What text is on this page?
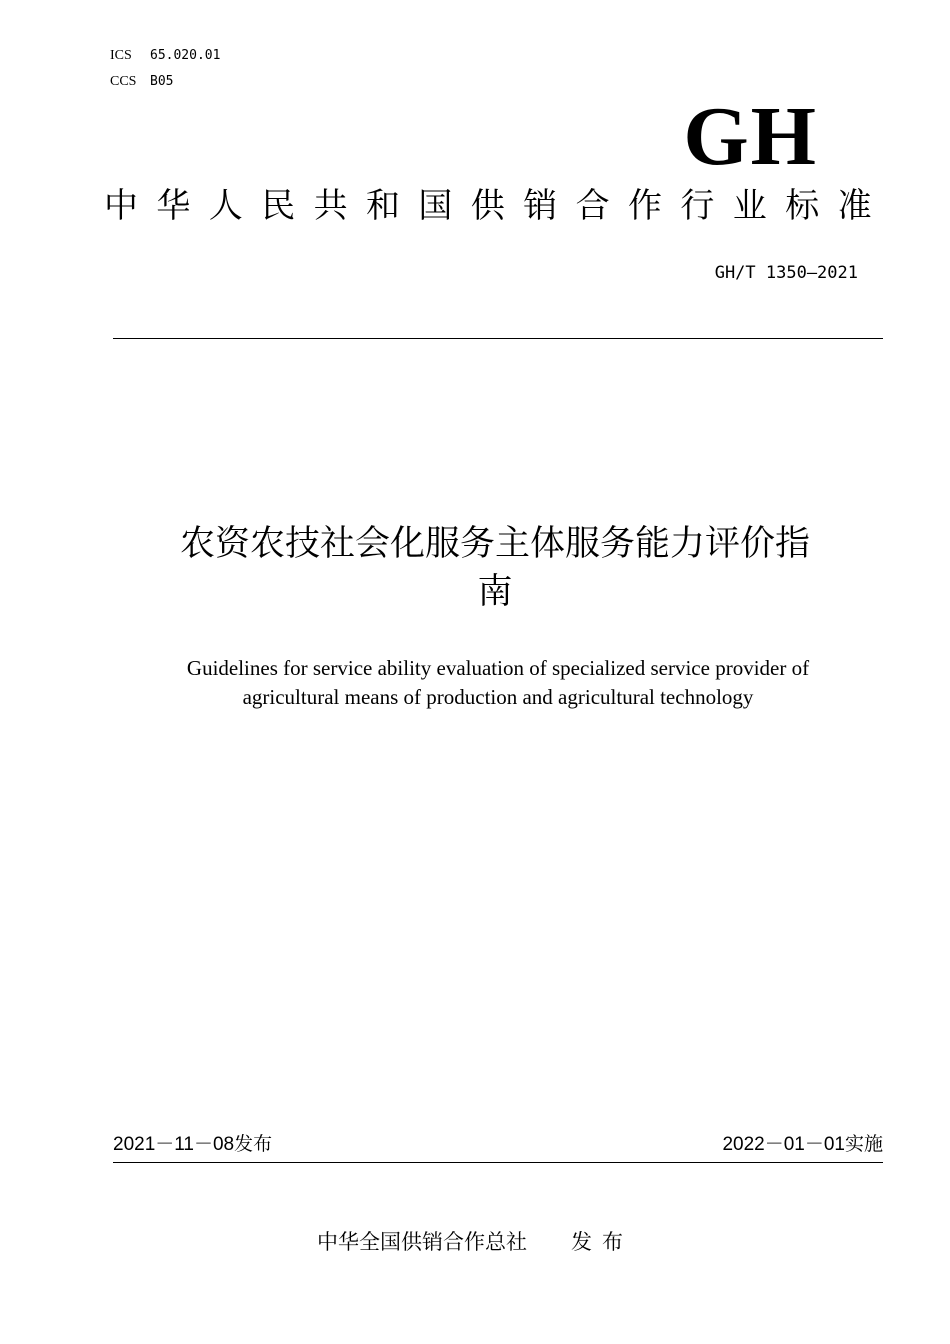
ICS 65.020.01
CCS B05
GH
中华人民共和国供销合作行业标准
GH/T 1350—2021
农资农技社会化服务主体服务能力评价指
南
Guidelines for service ability evaluation of specialized service provider of
agricultural means of production and agricultural technology
2021－11－08发布	2022－01－01实施
中华全国供销合作总社 发布
